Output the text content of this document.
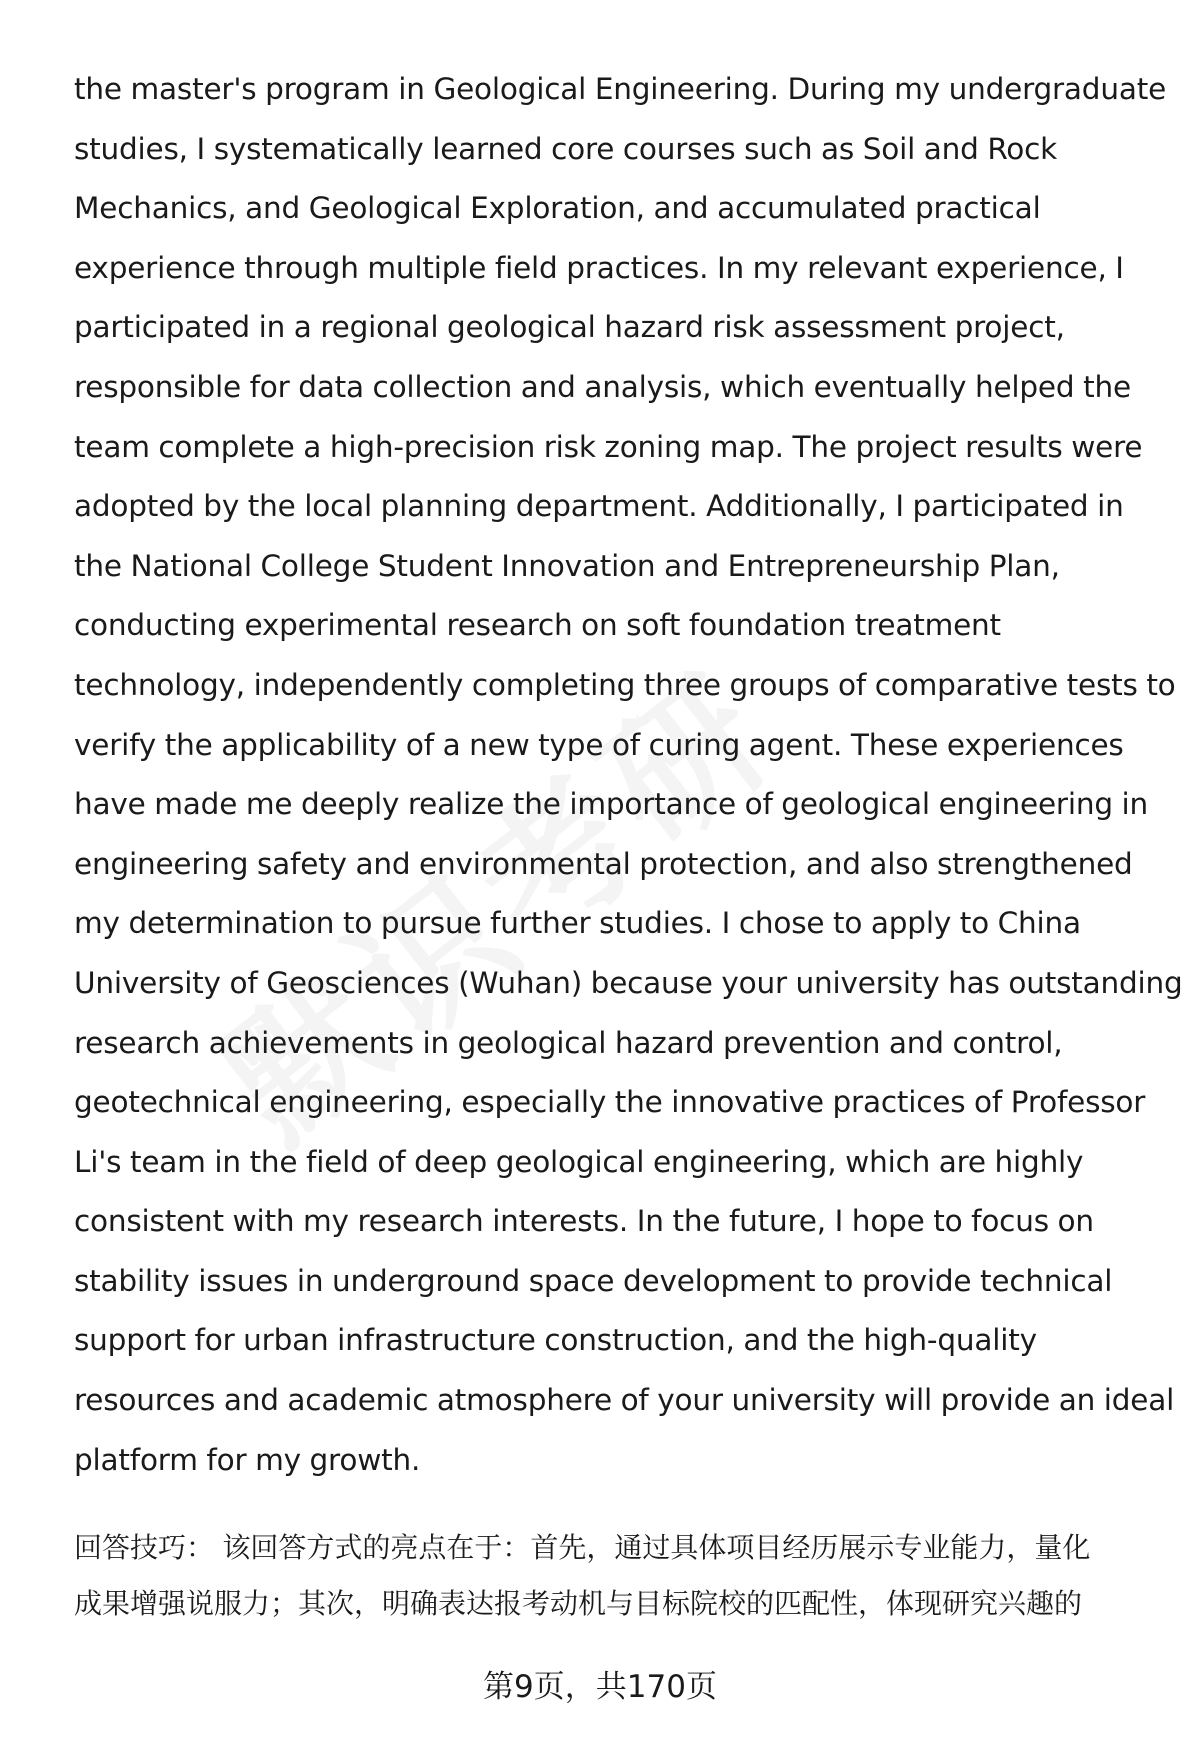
the master's program in Geological Engineering. During my undergraduate
studies, I systematically learned core courses such as Soil and Rock
Mechanics, and Geological Exploration, and accumulated practical
experience through multiple field practices. In my relevant experience, I
participated in a regional geological hazard risk assessment project,
responsible for data collection and analysis, which eventually helped the
team complete a high-precision risk zoning map. The project results were
adopted by the local planning department. Additionally, I participated in
the National College Student Innovation and Entrepreneurship Plan,
conducting experimental research on soft foundation treatment
technology, independently completing three groups of comparative tests to
verify the applicability of a new type of curing agent. These experiences
have made me deeply realize the importance of geological engineering in
engineering safety and environmental protection, and also strengthened
my determination to pursue further studies. I chose to apply to China
University of Geosciences (Wuhan) because your university has outstanding
research achievements in geological hazard prevention and control,
geotechnical engineering, especially the innovative practices of Professor
Li's team in the field of deep geological engineering, which are highly
consistent with my research interests. In the future, I hope to focus on
stability issues in underground space development to provide technical
support for urban infrastructure construction, and the high-quality
resources and academic atmosphere of your university will provide an ideal
platform for my growth.
回答技巧： 该回答方式的亮点在于：首先，通过具体项目经历展示专业能力，量化
成果增强说服力；其次，明确表达报考动机与目标院校的匹配性，体现研究兴趣的
第9页，共170页
